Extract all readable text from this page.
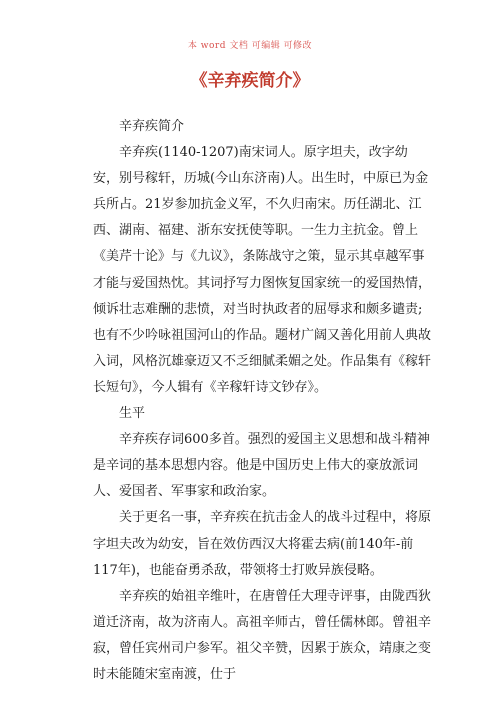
本 word 文档 可编辑 可修改
《辛弃疾简介》

辛弃疾简介

辛弃疾(1140-1207)南宋词人。原字坦夫，改字幼安，别号稼轩，历城(今山东济南)人。出生时，中原已为金兵所占。21岁参加抗金义军，不久归南宋。历任湖北、江西、湖南、福建、浙东安抚使等职。一生力主抗金。曾上《美芹十论》与《九议》，条陈战守之策，显示其卓越军事才能与爱国热忱。其词抒写力图恢复国家统一的爱国热情，倾诉壮志难酬的悲愤，对当时执政者的屈辱求和颇多谴责;也有不少吟咏祖国河山的作品。题材广阔又善化用前人典故入词，风格沉雄豪迈又不乏细腻柔媚之处。作品集有《稼轩长短句》，今人辑有《辛稼轩诗文钞存》。

生平

辛弃疾存词600多首。强烈的爱国主义思想和战斗精神是辛词的基本思想内容。他是中国历史上伟大的豪放派词人、爱国者、军事家和政治家。

关于更名一事，辛弃疾在抗击金人的战斗过程中，将原字坦夫改为幼安，旨在效仿西汉大将霍去病(前140年-前117年)，也能奋勇杀敌，带领将士打败异族侵略。

辛弃疾的始祖辛维叶，在唐曾任大理寺评事，由陇西狄道迁济南，故为济南人。高祖辛师古，曾任儒林郎。曾祖辛寂，曾任宾州司户参军。祖父辛赞，因累于族众，靖康之变时未能随宋室南渡，仕于
